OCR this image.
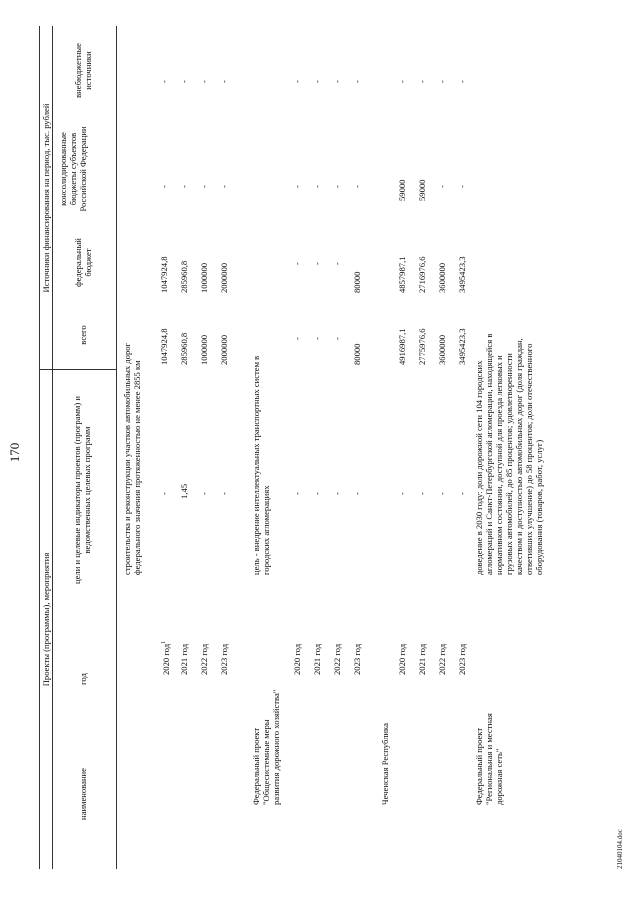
170
Проекты (программы), мероприятия
Источники финансирования на период, тыс. рублей
наименование
год
цели и целевые индикаторы проектов (программ) и ведомственных целевых программ
всего
федеральный бюджет
консолидированные бюджеты субъектов Российской Федерации
внебюджетные источники
строительства и реконструкции участков автомобильных дорог федерального значения протяженностью не менее 2855 км
2020 год$^1$
-
1047924,8
1047924,8
-
-
2021 год
1,45
285960,8
285960,8
-
-
2022 год
-
1000000
1000000
-
-
2023 год
-
2000000
2000000
-
-
Федеральный проект "Общесистемные меры развития дорожного хозяйства"
цель - внедрение интеллектуальных транспортных систем в городских агломерациях
2020 год
-
-
-
-
-
2021 год
-
-
-
-
-
2022 год
-
-
-
-
-
2023 год
-
80000
80000
-
-
Чеченская Республика
2020 год
-
4916987,1
4857987,1
59000
-
2021 год
-
2775976,6
2716976,6
59000
-
2022 год
-
3600000
3600000
-
-
2023 год
-
3495423,3
3495423,3
-
-
Федеральный проект "Региональная и местная дорожная сеть"
доведение в 2030 году: доли дорожной сети 104 городских агломераций и Санкт-Петербургской агломерации, находящейся в нормативном состоянии, доступной для проезда легковых и грузовых автомобилей, до 85 процентов; удовлетворенности качеством и доступностью автомобильных дорог (доля граждан, ответивших улучшение) до 58 процентов; доли отечественного оборудования (товаров, работ, услуг)
21040104.doc
